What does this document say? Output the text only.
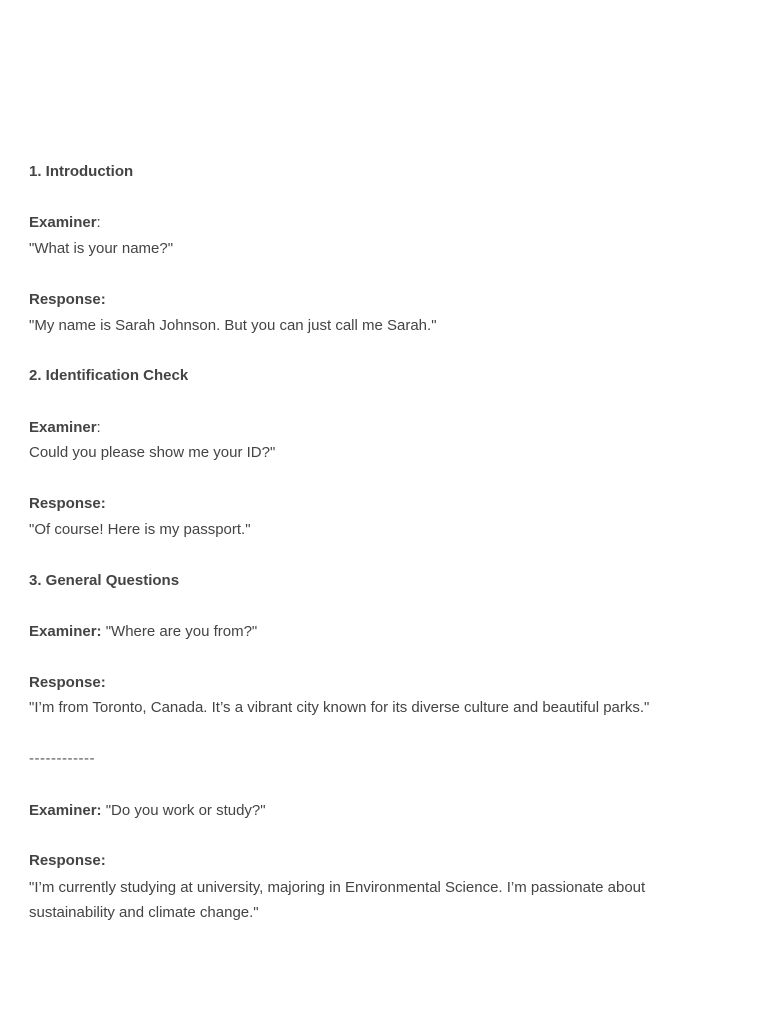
1. Introduction
Examiner:
"What is your name?"
Response:
"My name is Sarah Johnson. But you can just call me Sarah."
2. Identification Check
Examiner:
Could you please show me your ID?"
Response:
"Of course! Here is my passport."
3. General Questions
Examiner: "Where are you from?"
Response:
"I’m from Toronto, Canada. It’s a vibrant city known for its diverse culture and beautiful parks."
------------
Examiner: "Do you work or study?"
Response:
"I’m currently studying at university, majoring in Environmental Science. I’m passionate about sustainability and climate change."
